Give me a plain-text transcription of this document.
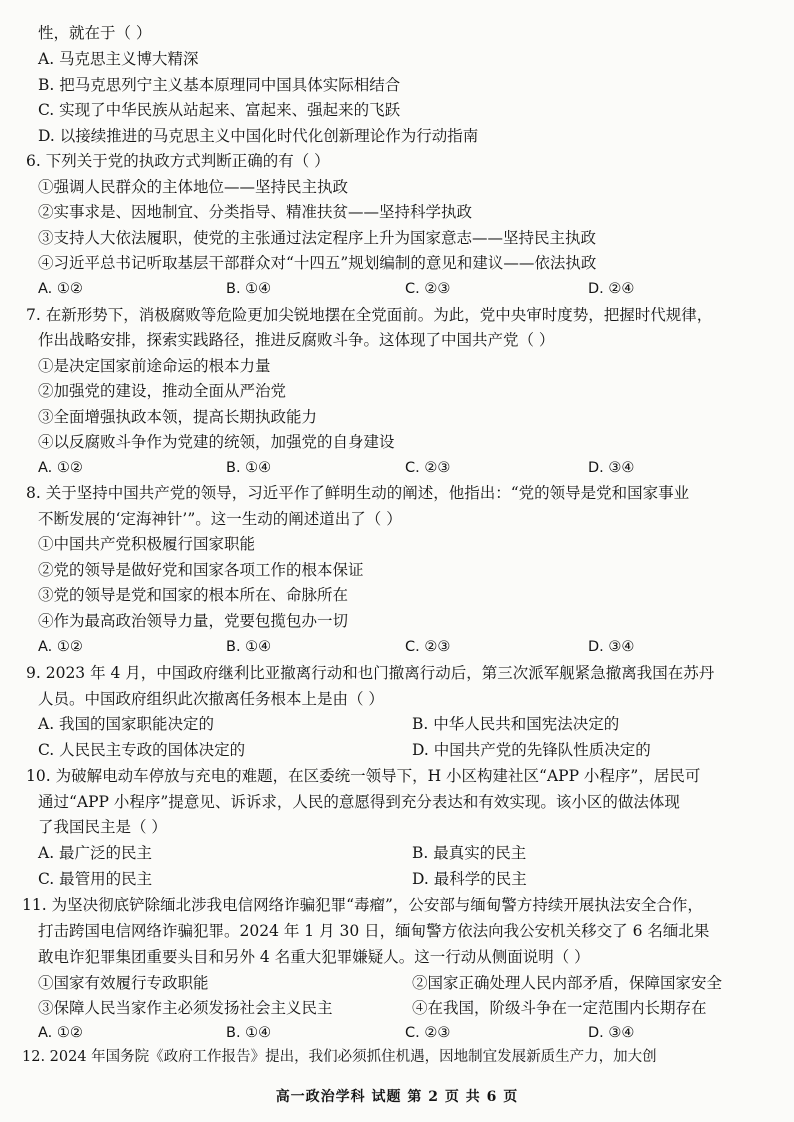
性，就在于（ ）
A. 马克思主义博大精深
B. 把马克思列宁主义基本原理同中国具体实际相结合
C. 实现了中华民族从站起来、富起来、强起来的飞跃
D. 以接续推进的马克思主义中国化时代化创新理论作为行动指南
6. 下列关于党的执政方式判断正确的有（ ）
①强调人民群众的主体地位——坚持民主执政
②实事求是、因地制宜、分类指导、精准扶贫——坚持科学执政
③支持人大依法履职，使党的主张通过法定程序上升为国家意志——坚持民主执政
④习近平总书记听取基层干部群众对“十四五”规划编制的意见和建议——依法执政
A. ①②	B. ①④	C. ②③	D. ②④
7. 在新形势下，消极腐败等危险更加尖锐地摆在全党面前。为此，党中央审时度势，把握时代规律，
作出战略安排，探索实践路径，推进反腐败斗争。这体现了中国共产党（ ）
①是决定国家前途命运的根本力量
②加强党的建设，推动全面从严治党
③全面增强执政本领，提高长期执政能力
④以反腐败斗争作为党建的统领，加强党的自身建设
A. ①②	B. ①④	C. ②③	D. ③④
8. 关于坚持中国共产党的领导，习近平作了鲜明生动的阐述，他指出：“党的领导是党和国家事业
不断发展的‘定海神针’”。这一生动的阐述道出了（ ）
①中国共产党积极履行国家职能
②党的领导是做好党和国家各项工作的根本保证
③党的领导是党和国家的根本所在、命脉所在
④作为最高政治领导力量，党要包揽包办一切
A. ①②	B. ①④	C. ②③	D. ③④
9. 2023 年 4 月，中国政府继利比亚撤离行动和也门撤离行动后，第三次派军舰紧急撤离我国在苏丹
人员。中国政府组织此次撤离任务根本上是由（ ）
A. 我国的国家职能决定的	B. 中华人民共和国宪法决定的
C. 人民民主专政的国体决定的	D. 中国共产党的先锋队性质决定的
10. 为破解电动车停放与充电的难题，在区委统一领导下，H 小区构建社区“APP 小程序”，居民可
通过“APP 小程序”提意见、诉诉求，人民的意愿得到充分表达和有效实现。该小区的做法体现
了我国民主是（ ）
A. 最广泛的民主	B. 最真实的民主
C. 最管用的民主	D. 最科学的民主
11. 为坚决彻底铲除缅北涉我电信网络诈骗犯罪“毒瘤”，公安部与缅甸警方持续开展执法安全合作，
打击跨国电信网络诈骗犯罪。2024 年 1 月 30 日，缅甸警方依法向我公安机关移交了 6 名缅北果
敢电诈犯罪集团重要头目和另外 4 名重大犯罪嫌疑人。这一行动从侧面说明（ ）
①国家有效履行专政职能	②国家正确处理人民内部矛盾，保障国家安全
③保障人民当家作主必须发扬社会主义民主	④在我国，阶级斗争在一定范围内长期存在
A. ①②	B. ①④	C. ②③	D. ③④
12. 2024 年国务院《政府工作报告》提出，我们必须抓住机遇，因地制宜发展新质生产力，加大创
高一政治学科 试题 第 2 页 共 6 页
